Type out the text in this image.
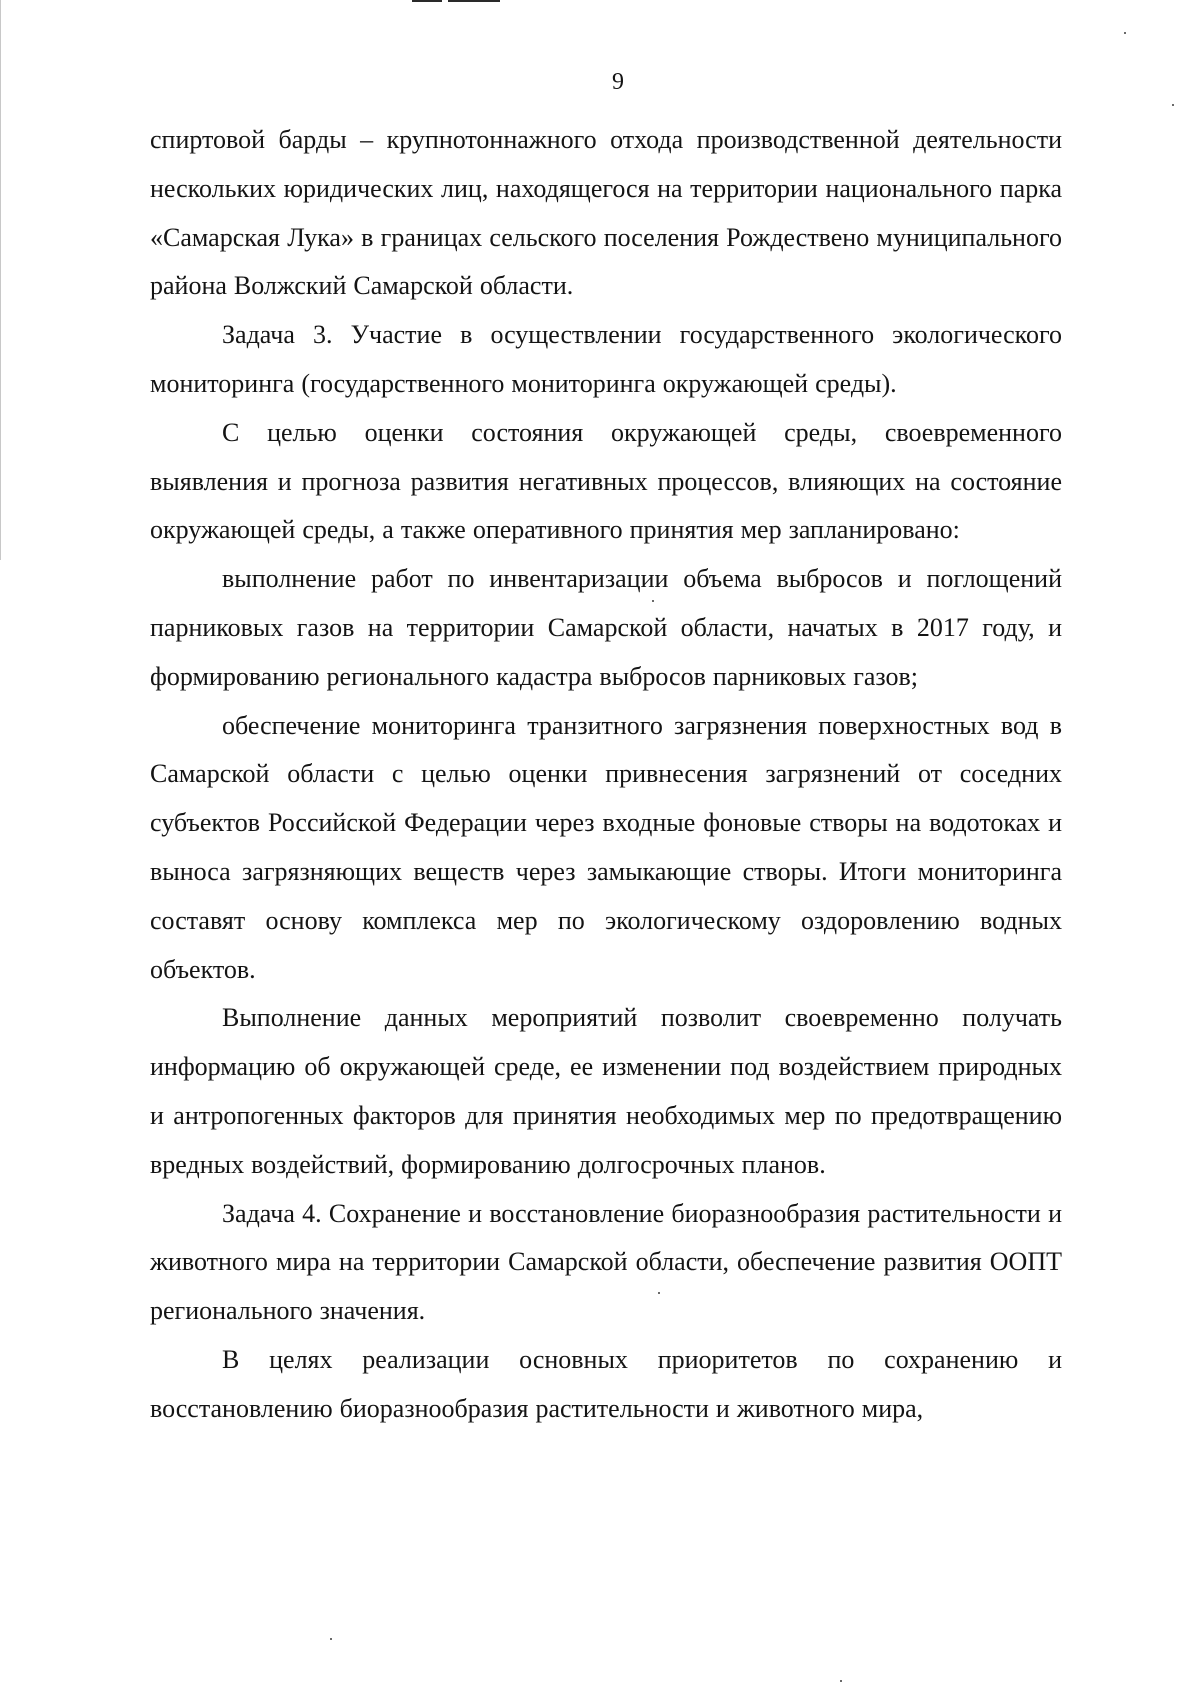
9

спиртовой барды – крупнотоннажного отхода производственной деятельности нескольких юридических лиц, находящегося на территории национального парка «Самарская Лука» в границах сельского поселения Рождествено муниципального района Волжский Самарской области.

Задача 3. Участие в осуществлении государственного экологического мониторинга (государственного мониторинга окружающей среды).

С целью оценки состояния окружающей среды, своевременного выявления и прогноза развития негативных процессов, влияющих на состояние окружающей среды, а также оперативного принятия мер запланировано:

выполнение работ по инвентаризации объема выбросов и поглощений парниковых газов на территории Самарской области, начатых в 2017 году, и формированию регионального кадастра выбросов парниковых газов;

обеспечение мониторинга транзитного загрязнения поверхностных вод в Самарской области с целью оценки привнесения загрязнений от соседних субъектов Российской Федерации через входные фоновые створы на водотоках и выноса загрязняющих веществ через замыкающие створы. Итоги мониторинга составят основу комплекса мер по экологическому оздоровлению водных объектов.

Выполнение данных мероприятий позволит своевременно получать информацию об окружающей среде, ее изменении под воздействием природных и антропогенных факторов для принятия необходимых мер по предотвращению вредных воздействий, формированию долгосрочных планов.

Задача 4. Сохранение и восстановление биоразнообразия растительности и животного мира на территории Самарской области, обеспечение развития ООПТ регионального значения.

В целях реализации основных приоритетов по сохранению и восстановлению биоразнообразия растительности и животного мира,
